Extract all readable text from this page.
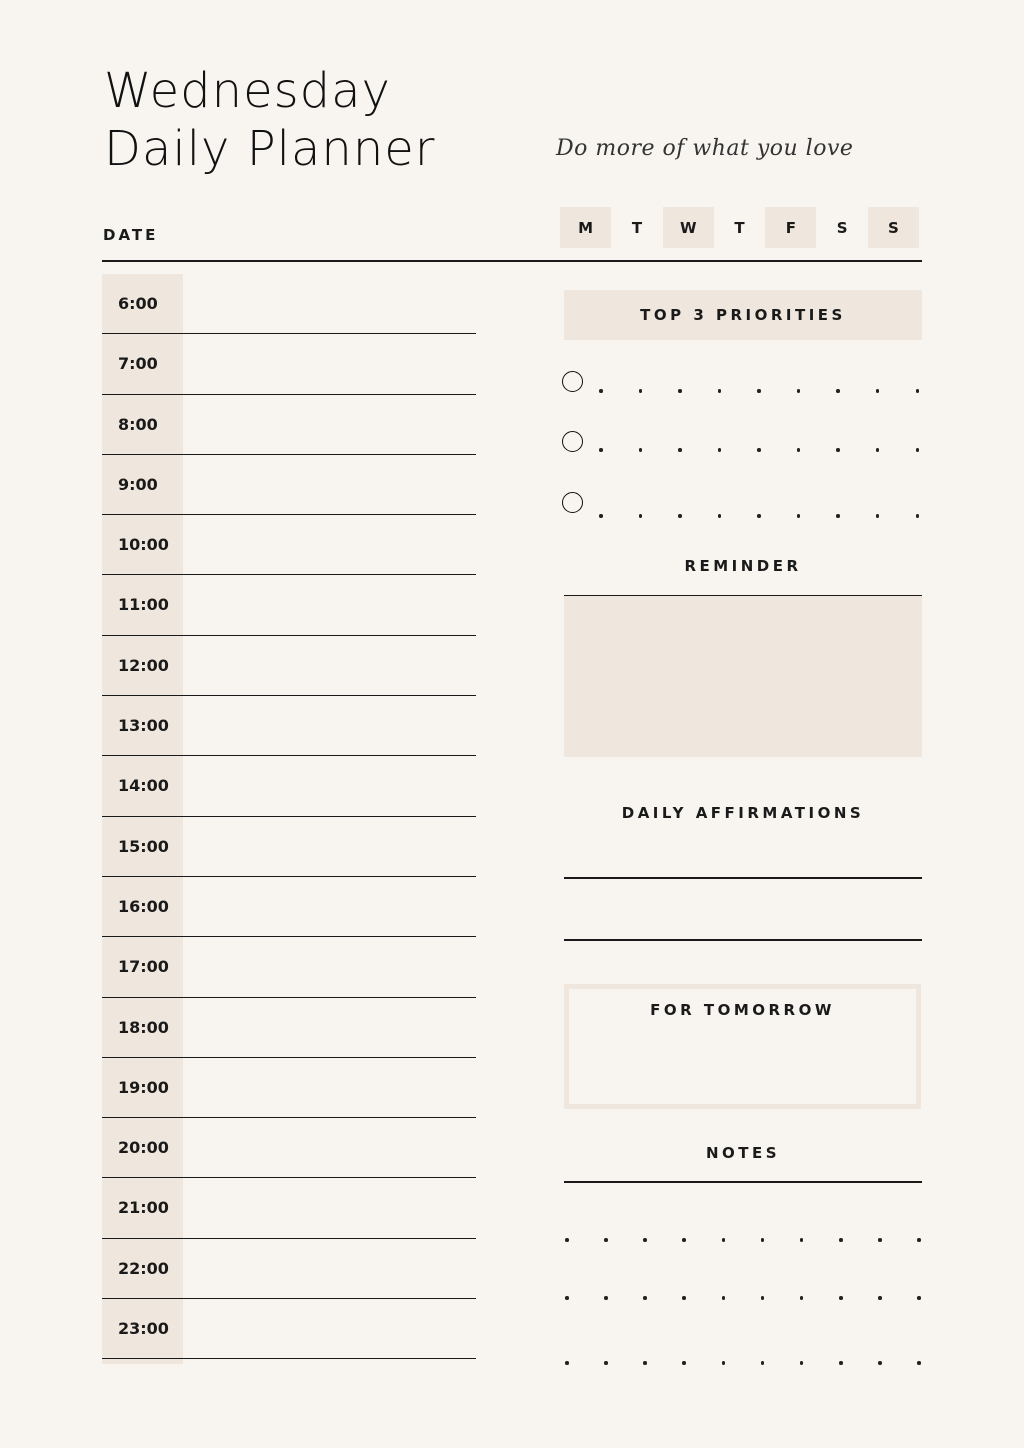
Wednesday
Daily Planner	Do more of what you love
DATE	M	T	W	T	F	S	S
6:00
7:00
8:00
9:00
10:00
11:00
12:00
13:00
14:00
15:00
16:00
17:00
18:00
19:00
20:00
21:00
22:00
23:00
TOP 3 PRIORITIES
REMINDER
DAILY AFFIRMATIONS
FOR TOMORROW
NOTES
